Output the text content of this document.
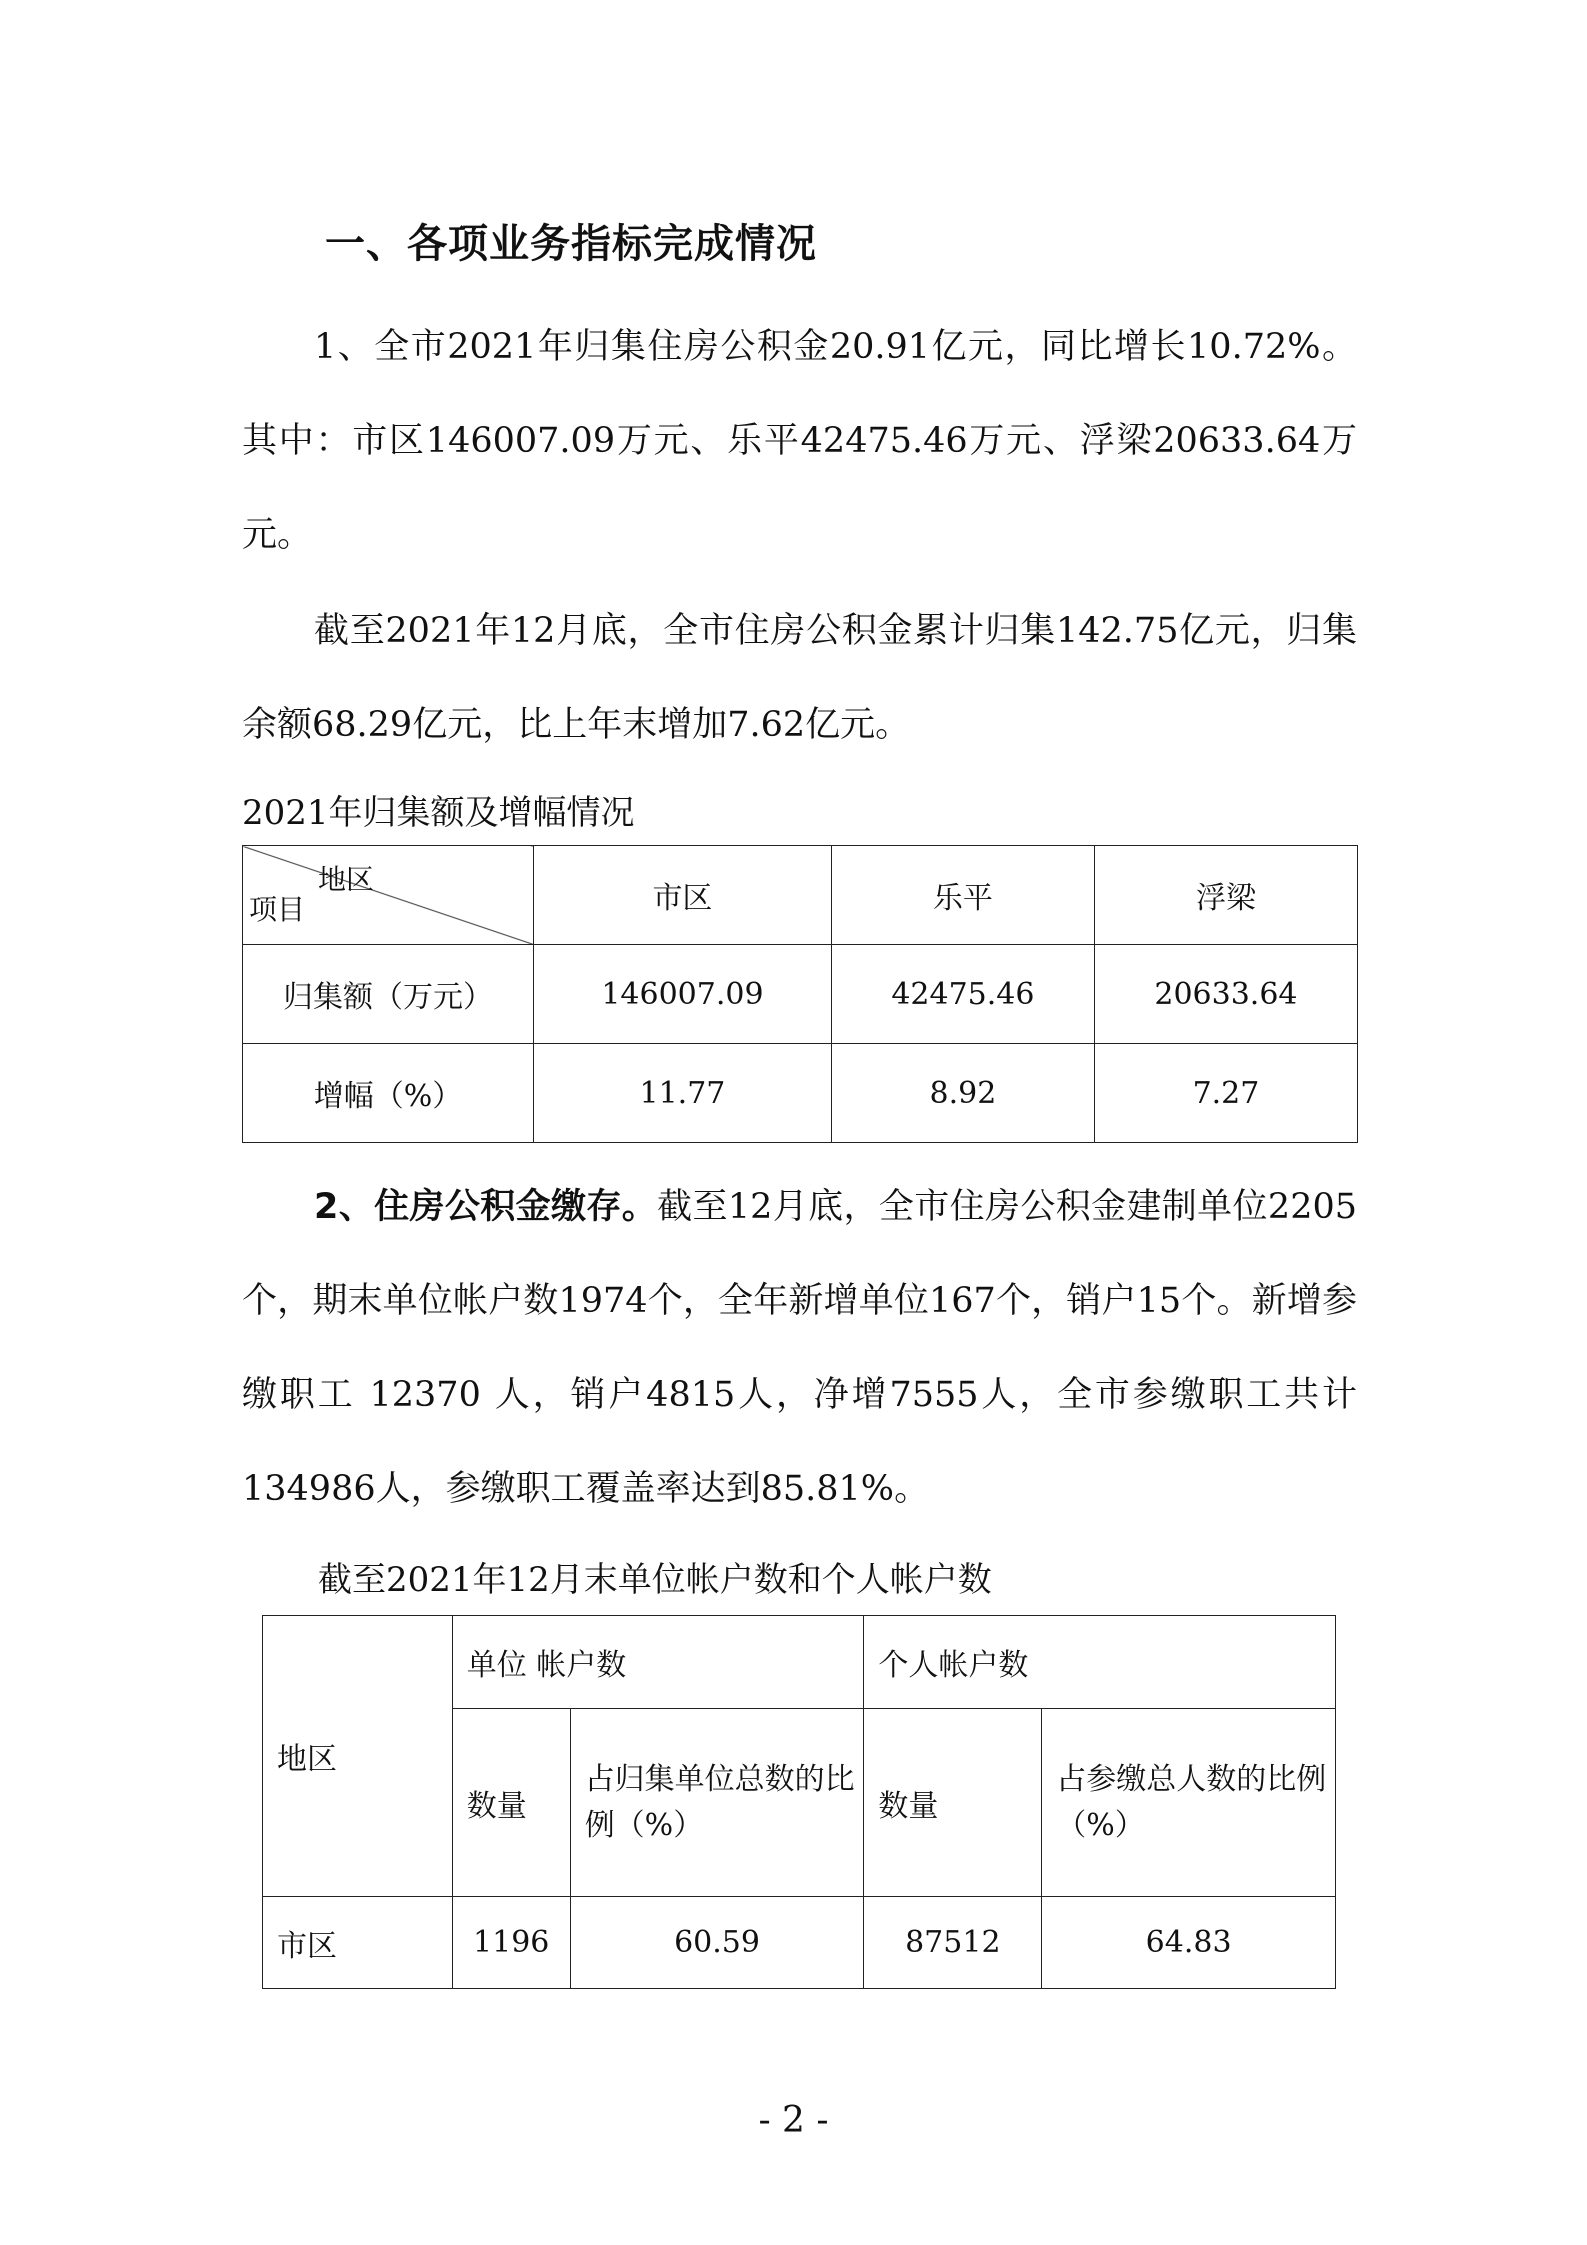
一、各项业务指标完成情况
1、全市2021年归集住房公积金20.91亿元，同比增长10.72%。其中：市区146007.09万元、乐平42475.46万元、浮梁20633.64万元。
截至2021年12月底，全市住房公积金累计归集142.75亿元，归集余额68.29亿元，比上年末增加7.62亿元。
2021年归集额及增幅情况
地区
项目	市区	乐平	浮梁
归集额（万元）	146007.09	42475.46	20633.64
增幅（%）	11.77	8.92	7.27
2、住房公积金缴存。截至12月底，全市住房公积金建制单位2205个，期末单位帐户数1974个，全年新增单位167个，销户15个。新增参缴职工 12370 人，销户4815人，净增7555人，全市参缴职工共计134986人，参缴职工覆盖率达到85.81%。
截至2021年12月末单位帐户数和个人帐户数
地区	单位 帐户数		个人帐户数	
	数量	占归集单位总数的比例（%）	数量	占参缴总人数的比例（%）
市区	1196	60.59	87512	64.83
- 2 -
